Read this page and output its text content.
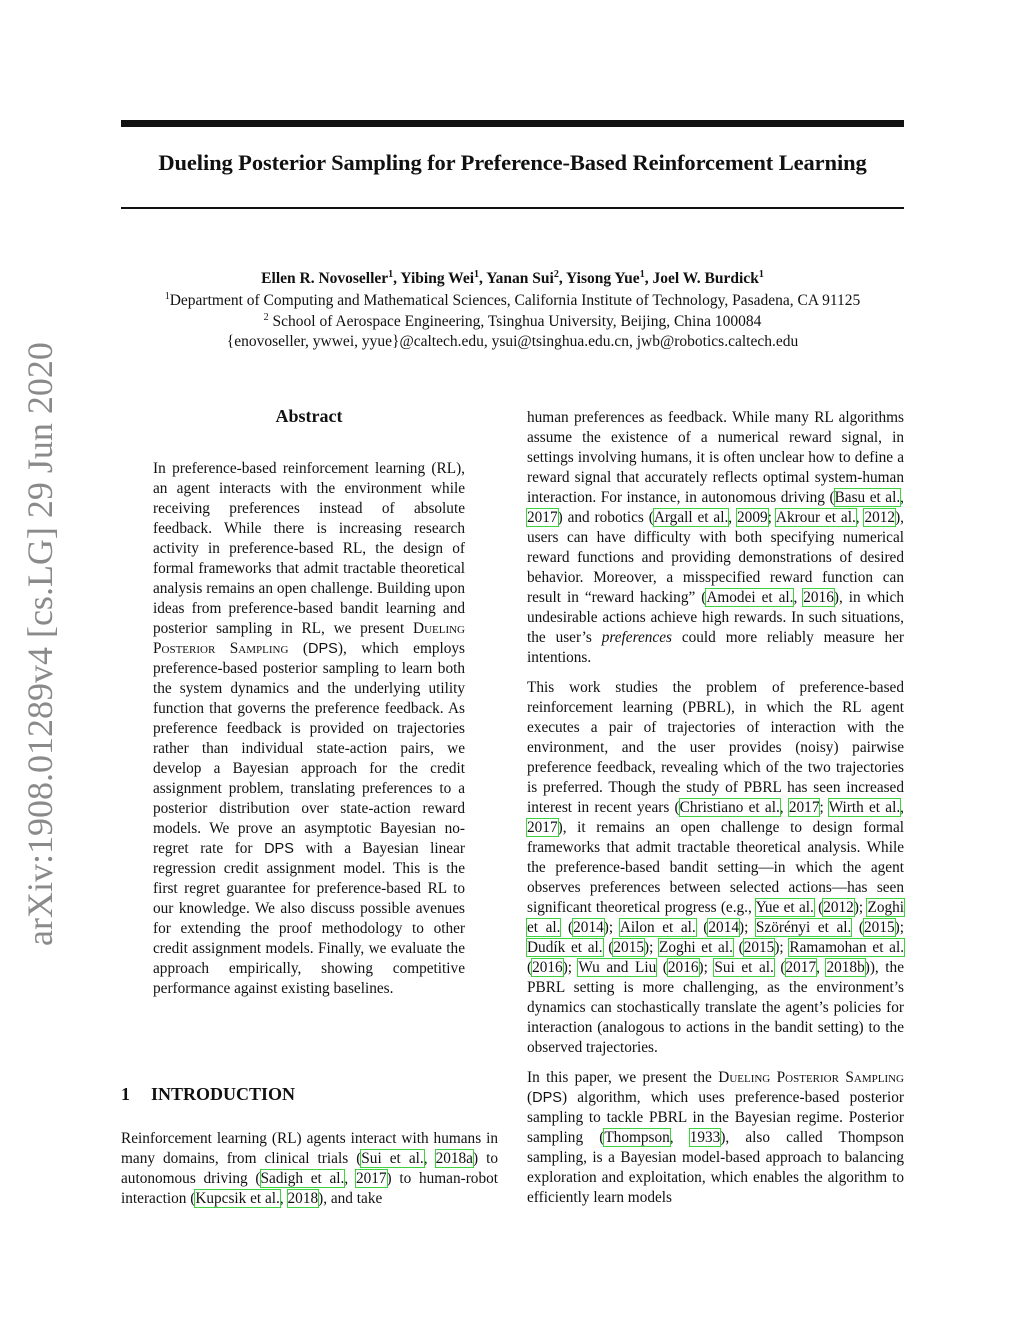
arXiv:1908.01289v4 [cs.LG] 29 Jun 2020
Dueling Posterior Sampling for Preference-Based Reinforcement Learning
Ellen R. Novoseller$^1$, Yibing Wei$^1$, Yanan Sui$^2$, Yisong Yue$^1$, Joel W. Burdick$^1$
$^1$Department of Computing and Mathematical Sciences, California Institute of Technology, Pasadena, CA 91125
$^2$ School of Aerospace Engineering, Tsinghua University, Beijing, China 100084
{enovoseller, ywwei, yyue}@caltech.edu, ysui@tsinghua.edu.cn, jwb@robotics.caltech.edu
Abstract
In preference-based reinforcement learning (RL), an agent interacts with the environment while receiving preferences instead of absolute feedback. While there is increasing research activity in preference-based RL, the design of formal frameworks that admit tractable theoretical analysis remains an open challenge. Building upon ideas from preference-based bandit learning and posterior sampling in RL, we present Dueling Posterior Sampling (DPS), which employs preference-based posterior sampling to learn both the system dynamics and the underlying utility function that governs the preference feedback. As preference feedback is provided on trajectories rather than individual state-action pairs, we develop a Bayesian approach for the credit assignment problem, translating preferences to a posterior distribution over state-action reward models. We prove an asymptotic Bayesian no-regret rate for DPS with a Bayesian linear regression credit assignment model. This is the first regret guarantee for preference-based RL to our knowledge. We also discuss possible avenues for extending the proof methodology to other credit assignment models. Finally, we evaluate the approach empirically, showing competitive performance against existing baselines.
1 INTRODUCTION
Reinforcement learning (RL) agents interact with humans in many domains, from clinical trials (Sui et al., 2018a) to autonomous driving (Sadigh et al., 2017) to human-robot interaction (Kupcsik et al., 2018), and take
human preferences as feedback. While many RL algorithms assume the existence of a numerical reward signal, in settings involving humans, it is often unclear how to define a reward signal that accurately reflects optimal system-human interaction. For instance, in autonomous driving (Basu et al., 2017) and robotics (Argall et al., 2009; Akrour et al., 2012), users can have difficulty with both specifying numerical reward functions and providing demonstrations of desired behavior. Moreover, a misspecified reward function can result in “reward hacking” (Amodei et al., 2016), in which undesirable actions achieve high rewards. In such situations, the user’s preferences could more reliably measure her intentions.
This work studies the problem of preference-based reinforcement learning (PBRL), in which the RL agent executes a pair of trajectories of interaction with the environment, and the user provides (noisy) pairwise preference feedback, revealing which of the two trajectories is preferred. Though the study of PBRL has seen increased interest in recent years (Christiano et al., 2017; Wirth et al., 2017), it remains an open challenge to design formal frameworks that admit tractable theoretical analysis. While the preference-based bandit setting—in which the agent observes preferences between selected actions—has seen significant theoretical progress (e.g., Yue et al. (2012); Zoghi et al. (2014); Ailon et al. (2014); Szörényi et al. (2015); Dudík et al. (2015); Zoghi et al. (2015); Ramamohan et al. (2016); Wu and Liu (2016); Sui et al. (2017, 2018b)), the PBRL setting is more challenging, as the environment’s dynamics can stochastically translate the agent’s policies for interaction (analogous to actions in the bandit setting) to the observed trajectories.
In this paper, we present the Dueling Posterior Sampling (DPS) algorithm, which uses preference-based posterior sampling to tackle PBRL in the Bayesian regime. Posterior sampling (Thompson, 1933), also called Thompson sampling, is a Bayesian model-based approach to balancing exploration and exploitation, which enables the algorithm to efficiently learn models
